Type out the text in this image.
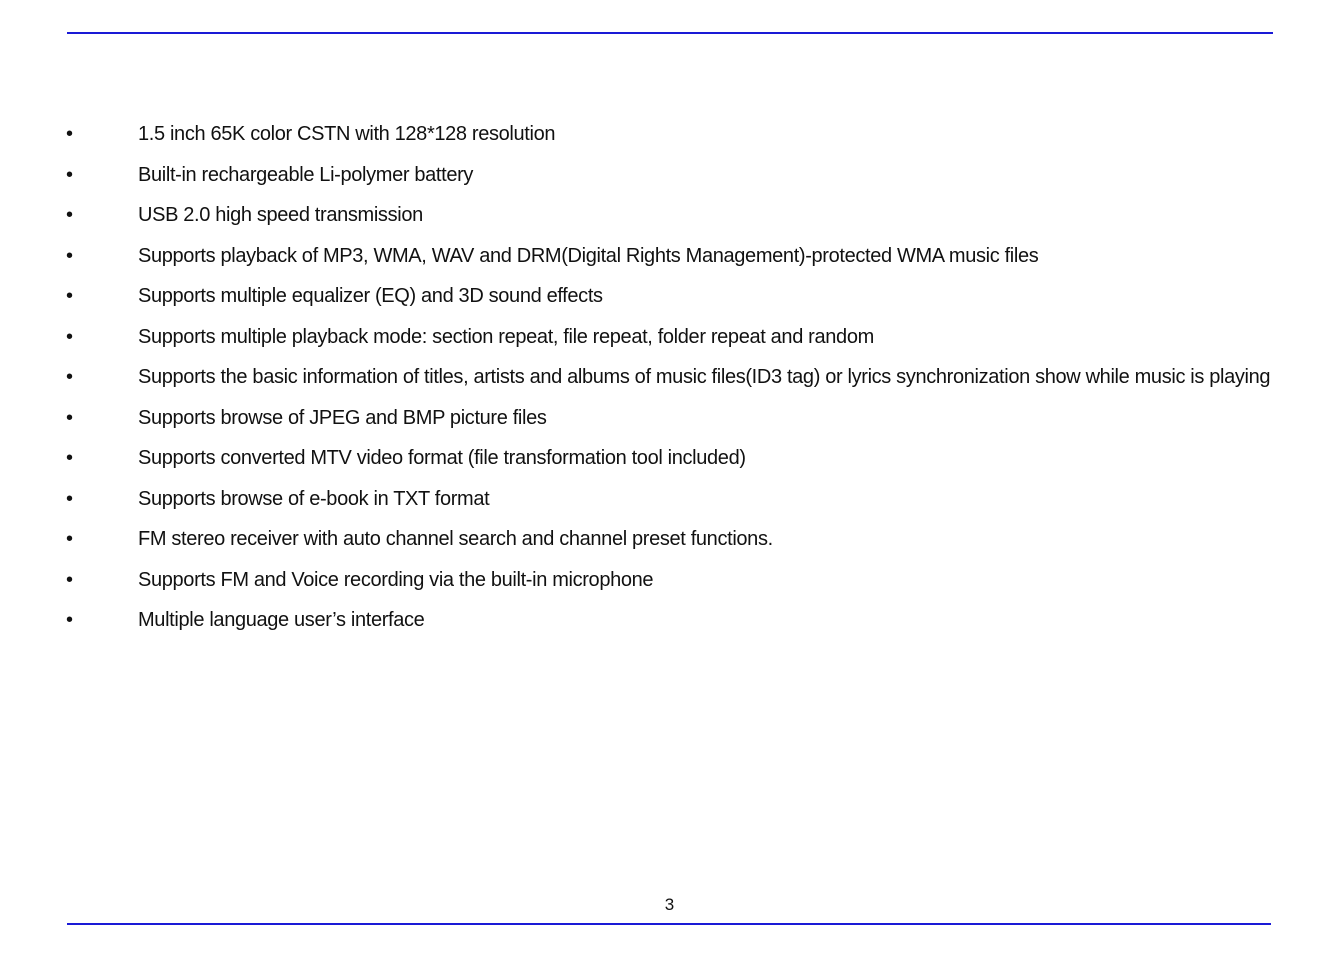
•	1.5 inch 65K color CSTN with 128*128 resolution
•	Built-in rechargeable Li-polymer battery
•	USB 2.0 high speed transmission
•	Supports playback of MP3, WMA, WAV and DRM(Digital Rights Management)-protected WMA music files
•	Supports multiple equalizer (EQ) and 3D sound effects
•	Supports multiple playback mode: section repeat, file repeat, folder repeat and random
•	Supports the basic information of titles, artists and albums of music files(ID3 tag) or lyrics synchronization show while music is playing
•	Supports browse of JPEG and BMP picture files
•	Supports converted MTV video format (file transformation tool included)
•	Supports browse of e-book in TXT format
•	FM stereo receiver with auto channel search and channel preset functions.
•	Supports FM and Voice recording via the built-in microphone
•	Multiple language user’s interface
3
